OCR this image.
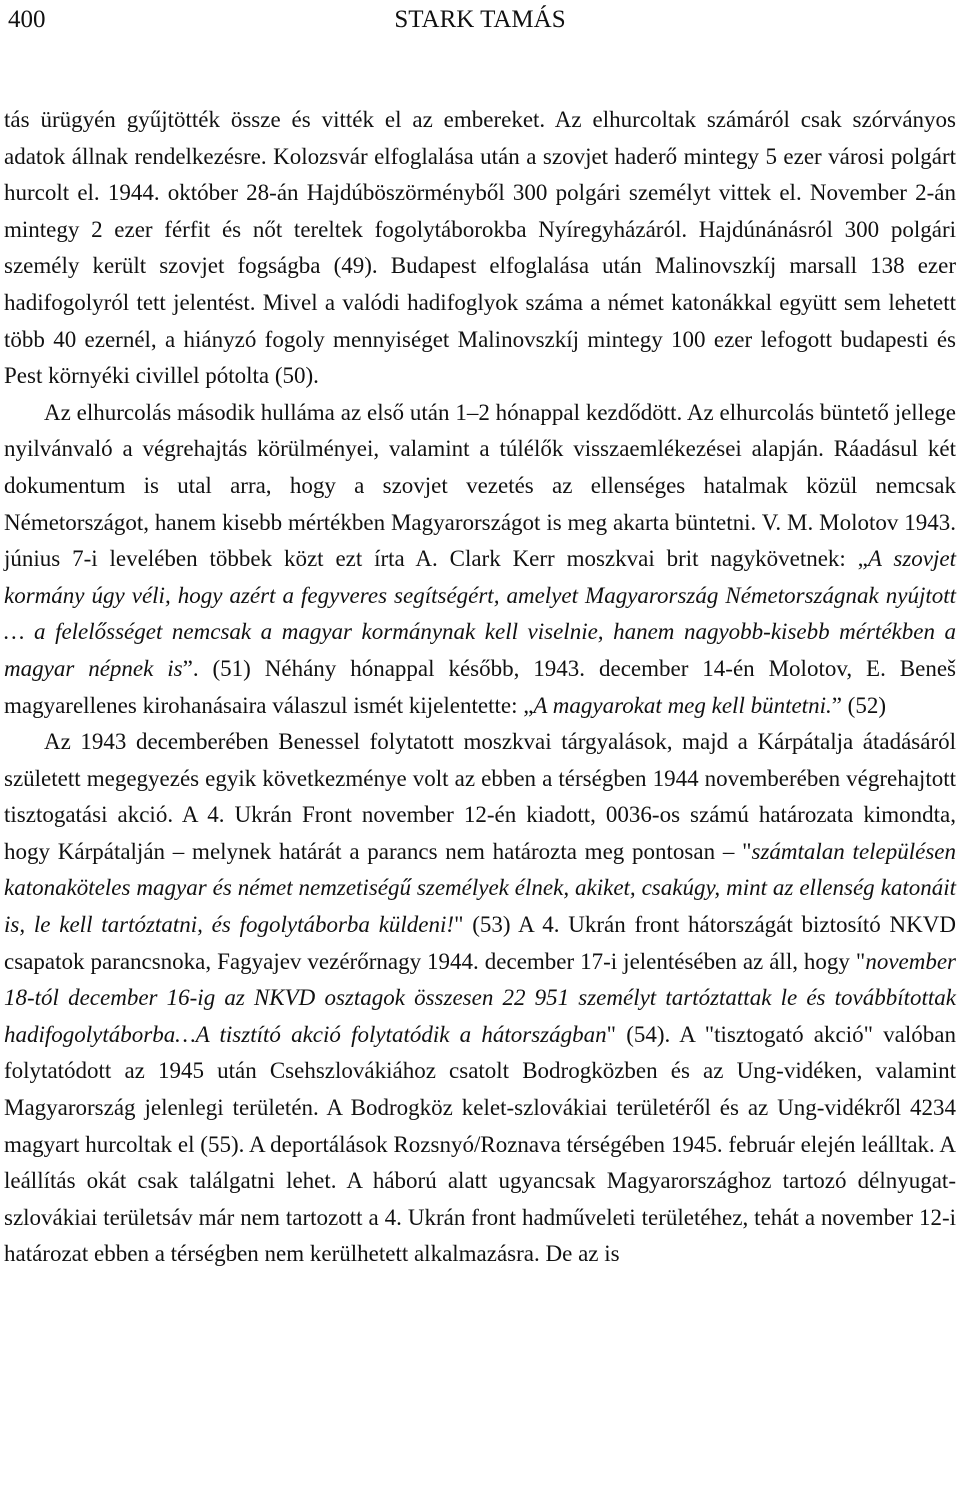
400	STARK TAMÁS

tás ürügyén gyűjtötték össze és vitték el az embereket. Az elhurcoltak számáról csak szórványos adatok állnak rendelkezésre. Kolozsvár elfoglalása után a szovjet haderő mintegy 5 ezer városi polgárt hurcolt el. 1944. október 28-án Hajdúböszörményből 300 polgári személyt vittek el. November 2-án mintegy 2 ezer férfit és nőt tereltek fogolytáborokba Nyíregyházáról. Hajdúnánásról 300 polgári személy került szovjet fogságba (49). Budapest elfoglalása után Malinovszkíj marsall 138 ezer hadifogolyról tett jelentést. Mivel a valódi hadifoglyok száma a német katonákkal együtt sem lehetett több 40 ezernél, a hiányzó fogoly mennyiséget Malinovszkíj mintegy 100 ezer lefogott budapesti és Pest környéki civillel pótolta (50).

Az elhurcolás második hulláma az első után 1–2 hónappal kezdődött. Az elhurcolás büntető jellege nyilvánvaló a végrehajtás körülményei, valamint a túlélők visszaemlékezései alapján. Ráadásul két dokumentum is utal arra, hogy a szovjet vezetés az ellenséges hatalmak közül nemcsak Németországot, hanem kisebb mértékben Magyarországot is meg akarta büntetni. V. M. Molotov 1943. június 7-i levelében többek közt ezt írta A. Clark Kerr moszkvai brit nagykövetnek: „A szovjet kormány úgy véli, hogy azért a fegyveres segítségért, amelyet Magyarország Németországnak nyújtott … a felelősséget nemcsak a magyar kormánynak kell viselnie, hanem nagyobb-kisebb mértékben a magyar népnek is”. (51) Néhány hónappal később, 1943. december 14-én Molotov, E. Beneš magyarellenes kirohanásaira válaszul ismét kijelentette: „A magyarokat meg kell büntetni.” (52)

Az 1943 decemberében Benessel folytatott moszkvai tárgyalások, majd a Kárpátalja átadásáról született megegyezés egyik következménye volt az ebben a térségben 1944 novemberében végrehajtott tisztogatási akció. A 4. Ukrán Front november 12-én kiadott, 0036-os számú határozata kimondta, hogy Kárpátalján – melynek határát a parancs nem határozta meg pontosan – "számtalan településen katonaköteles magyar és német nemzetiségű személyek élnek, akiket, csakúgy, mint az ellenség katonáit is, le kell tartóztatni, és fogolytáborba küldeni!" (53) A 4. Ukrán front hátországát biztosító NKVD csapatok parancsnoka, Fagyajev vezérőrnagy 1944. december 17-i jelentésében az áll, hogy "november 18-tól december 16-ig az NKVD osztagok összesen 22 951 személyt tartóztattak le és továbbítottak hadifogolytáborba…A tisztító akció folytatódik a hátországban" (54). A "tisztogató akció" valóban folytatódott az 1945 után Csehszlovákiához csatolt Bodrogközben és az Ung-vidéken, valamint Magyarország jelenlegi területén. A Bodrogköz kelet-szlovákiai területéről és az Ung-vidékről 4234 magyart hurcoltak el (55). A deportálások Rozsnyó/Roznava térségében 1945. február elején leálltak. A leállítás okát csak találgatni lehet. A háború alatt ugyancsak Magyarországhoz tartozó délnyugat-szlovákiai területsáv már nem tartozott a 4. Ukrán front hadműveleti területéhez, tehát a november 12-i határozat ebben a térségben nem kerülhetett alkalmazásra. De az is
